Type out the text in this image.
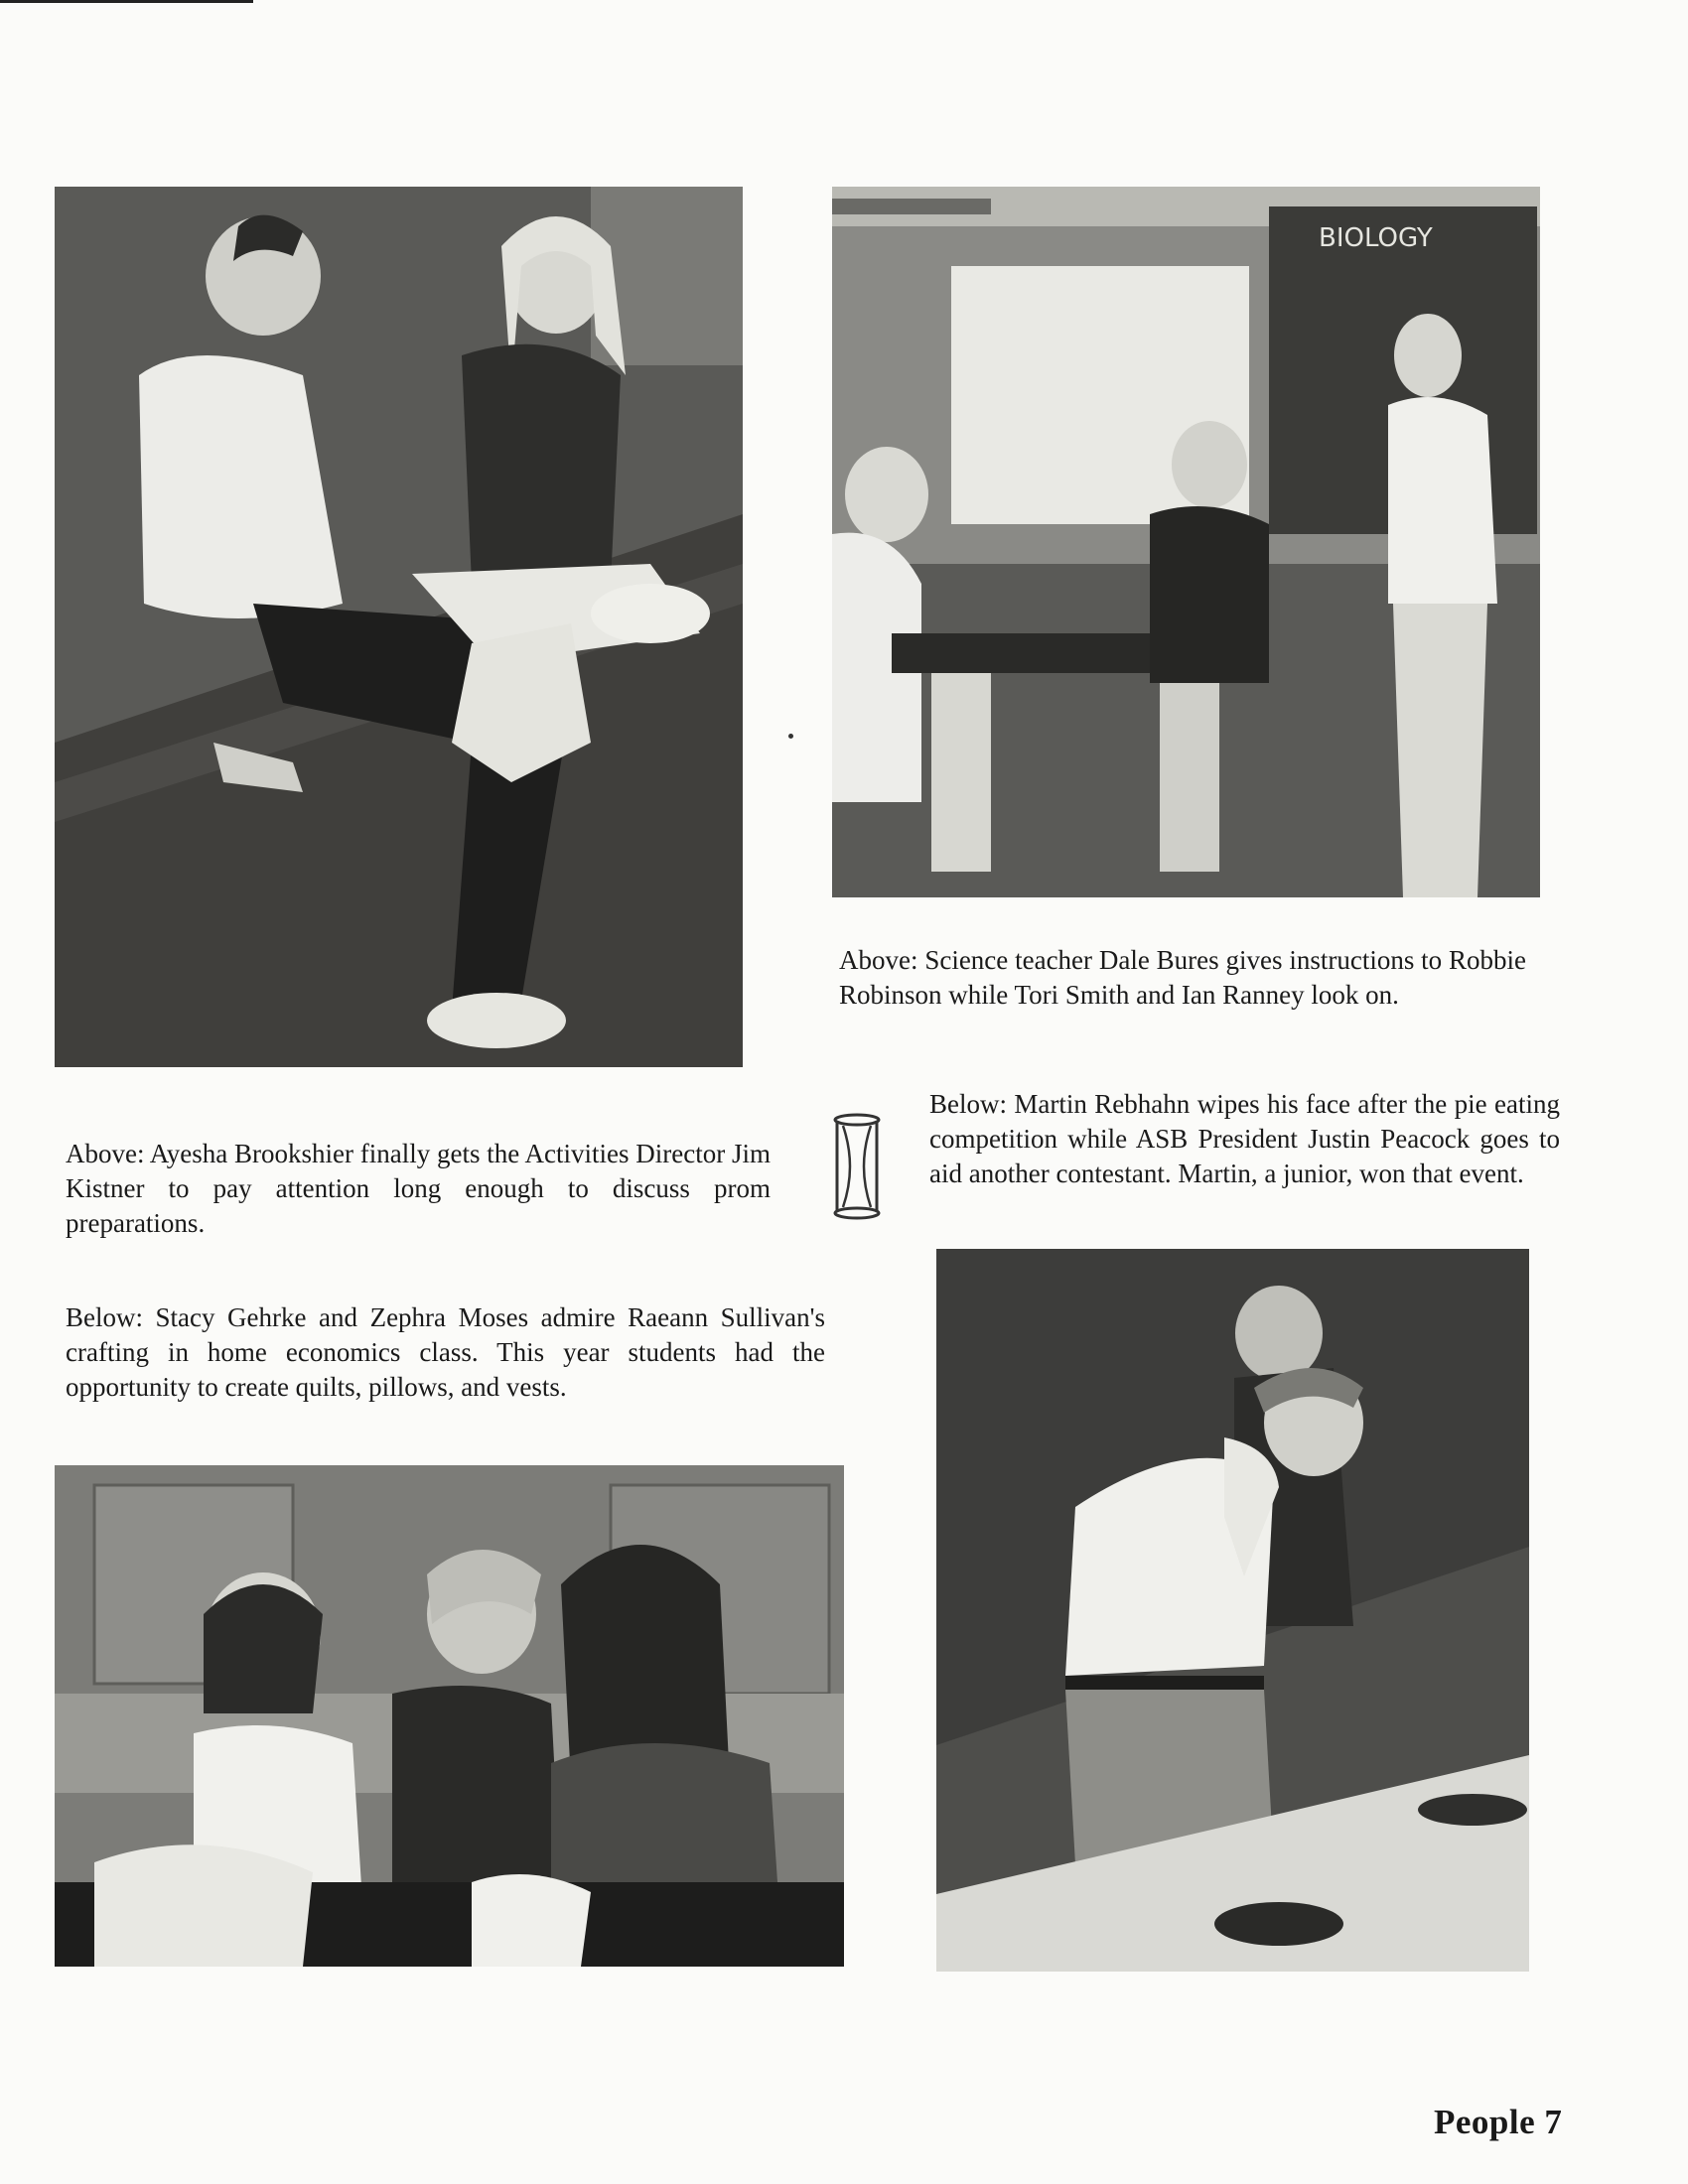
BIOLOGY

Above: Science teacher Dale Bures gives instructions to Robbie Robinson while Tori Smith and Ian Ranney look on.

Above: Ayesha Brookshier finally gets the Activities Director Jim Kistner to pay attention long enough to discuss prom preparations.

Below: Martin Rebhahn wipes his face after the pie eating competition while ASB President Justin Peacock goes to aid another contestant. Martin, a junior, won that event.

Below: Stacy Gehrke and Zephra Moses admire Raeann Sullivan's crafting in home economics class. This year students had the opportunity to create quilts, pillows, and vests.

People 7
